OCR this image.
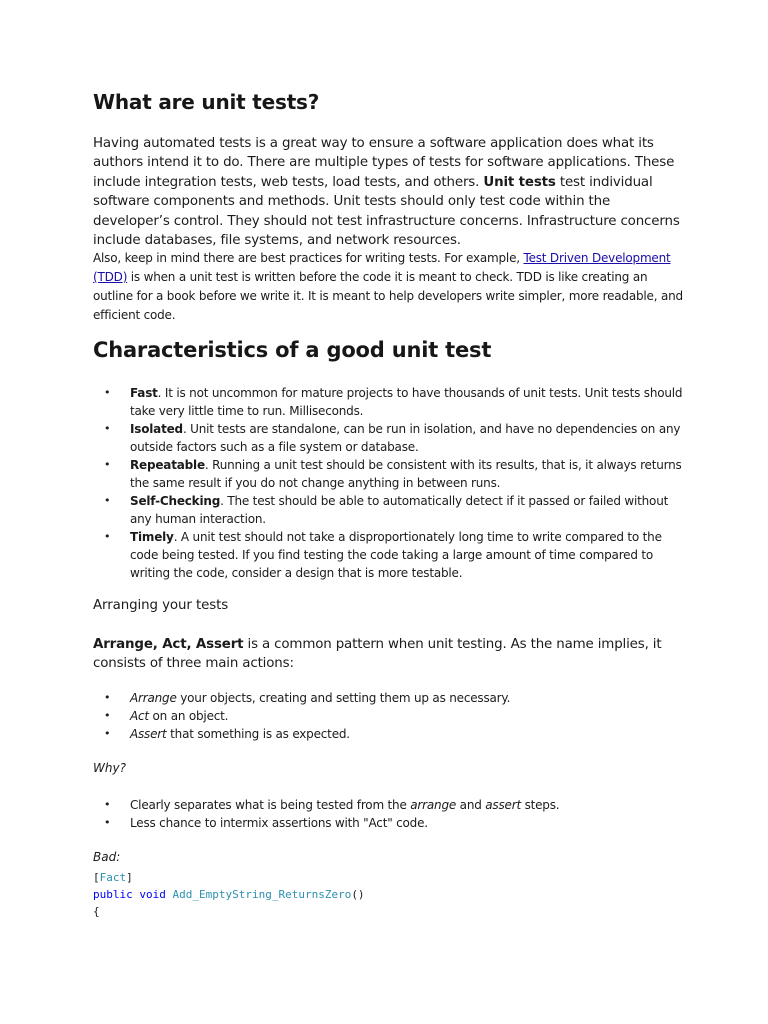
What are unit tests?

Having automated tests is a great way to ensure a software application does what its authors intend it to do. There are multiple types of tests for software applications. These include integration tests, web tests, load tests, and others. Unit tests test individual software components and methods. Unit tests should only test code within the developer’s control. They should not test infrastructure concerns. Infrastructure concerns include databases, file systems, and network resources.

Also, keep in mind there are best practices for writing tests. For example, Test Driven Development (TDD) is when a unit test is written before the code it is meant to check. TDD is like creating an outline for a book before we write it. It is meant to help developers write simpler, more readable, and efficient code.

Characteristics of a good unit test
• Fast. It is not uncommon for mature projects to have thousands of unit tests. Unit tests should take very little time to run. Milliseconds.
• Isolated. Unit tests are standalone, can be run in isolation, and have no dependencies on any outside factors such as a file system or database.
• Repeatable. Running a unit test should be consistent with its results, that is, it always returns the same result if you do not change anything in between runs.
• Self-Checking. The test should be able to automatically detect if it passed or failed without any human interaction.
• Timely. A unit test should not take a disproportionately long time to write compared to the code being tested. If you find testing the code taking a large amount of time compared to writing the code, consider a design that is more testable.
Arranging your tests

Arrange, Act, Assert is a common pattern when unit testing. As the name implies, it consists of three main actions:

• Arrange your objects, creating and setting them up as necessary.
• Act on an object.
• Assert that something is as expected.
Why?
• Clearly separates what is being tested from the arrange and assert steps.
• Less chance to intermix assertions with "Act" code.
Bad:
[Fact]
public void Add_EmptyString_ReturnsZero()
{
